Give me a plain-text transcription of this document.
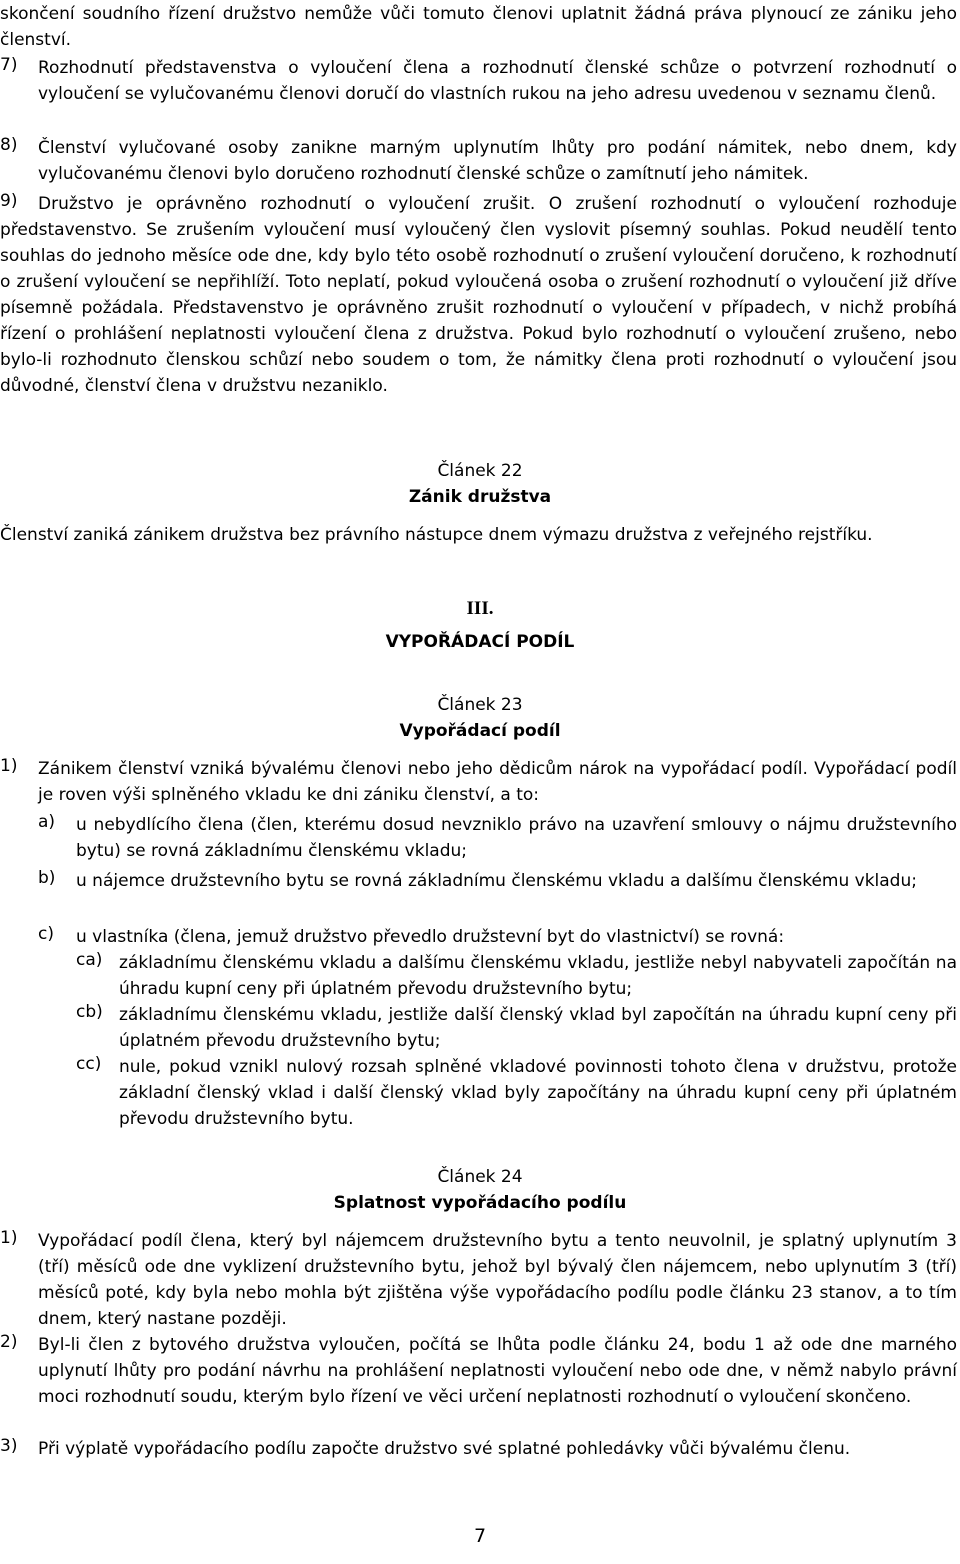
skončení soudního řízení družstvo nemůže vůči tomuto členovi uplatnit žádná práva plynoucí ze zániku jeho členství.

7) Rozhodnutí představenstva o vyloučení člena a rozhodnutí členské schůze o potvrzení rozhodnutí o vyloučení se vylučovanému členovi doručí do vlastních rukou na jeho adresu uvedenou v seznamu členů.

8) Členství vylučované osoby zanikne marným uplynutím lhůty pro podání námitek, nebo dnem, kdy vylučovanému členovi bylo doručeno rozhodnutí členské schůze o zamítnutí jeho námitek.

9)	Družstvo je oprávněno rozhodnutí o vyloučení zrušit. O zrušení rozhodnutí o vyloučení rozhoduje představenstvo. Se zrušením vyloučení musí vyloučený člen vyslovit písemný souhlas. Pokud neudělí tento souhlas do jednoho měsíce ode dne, kdy bylo této osobě rozhodnutí o zrušení vyloučení doručeno, k rozhodnutí o zrušení vyloučení se nepřihlíží. Toto neplatí, pokud vyloučená osoba o zrušení rozhodnutí o vyloučení již dříve písemně požádala. Představenstvo je oprávněno zrušit rozhodnutí o vyloučení v případech, v nichž probíhá řízení o prohlášení neplatnosti vyloučení člena z družstva. Pokud bylo rozhodnutí o vyloučení zrušeno, nebo bylo-li rozhodnuto členskou schůzí nebo soudem o tom, že námitky člena proti rozhodnutí o vyloučení jsou důvodné, členství člena v družstvu nezaniklo.

Článek 22

Zánik družstva

Členství zaniká zánikem družstva bez právního nástupce dnem výmazu družstva z veřejného rejstříku.

III.

VYPOŘÁDACÍ PODÍL

Článek 23

Vypořádací podíl

1) Zánikem členství vzniká bývalému členovi nebo jeho dědicům nárok na vypořádací podíl. Vypořádací podíl je roven výši splněného vkladu ke dni zániku členství, a to:

a) u nebydlícího člena (člen, kterému dosud nevzniklo právo na uzavření smlouvy o nájmu družstevního bytu) se rovná základnímu členskému vkladu;

b) u nájemce družstevního bytu se rovná základnímu členskému vkladu a dalšímu členskému vkladu;

c) u vlastníka (člena, jemuž družstvo převedlo družstevní byt do vlastnictví) se rovná:

ca) základnímu členskému vkladu a dalšímu členskému vkladu, jestliže nebyl nabyvateli započítán na úhradu kupní ceny při úplatném převodu družstevního bytu;

cb) základnímu členskému vkladu, jestliže další členský vklad byl započítán na úhradu kupní ceny při úplatném převodu družstevního bytu;

cc) nule, pokud vznikl nulový rozsah splněné vkladové povinnosti tohoto člena v družstvu, protože základní členský vklad i další členský vklad byly započítány na úhradu kupní ceny při úplatném převodu družstevního bytu.

Článek 24

Splatnost vypořádacího podílu

1) Vypořádací podíl člena, který byl nájemcem družstevního bytu a tento neuvolnil, je splatný uplynutím 3 (tří) měsíců ode dne vyklizení družstevního bytu, jehož byl bývalý člen nájemcem, nebo uplynutím 3 (tří) měsíců poté, kdy byla nebo mohla být zjištěna výše vypořádacího podílu podle článku 23 stanov, a to tím dnem, který nastane později.

2) Byl-li člen z bytového družstva vyloučen, počítá se lhůta podle článku 24, bodu 1 až ode dne marného uplynutí lhůty pro podání návrhu na prohlášení neplatnosti vyloučení nebo ode dne, v němž nabylo právní moci rozhodnutí soudu, kterým bylo řízení ve věci určení neplatnosti rozhodnutí o vyloučení skončeno.

3) Při výplatě vypořádacího podílu započte družstvo své splatné pohledávky vůči bývalému členu.

7
